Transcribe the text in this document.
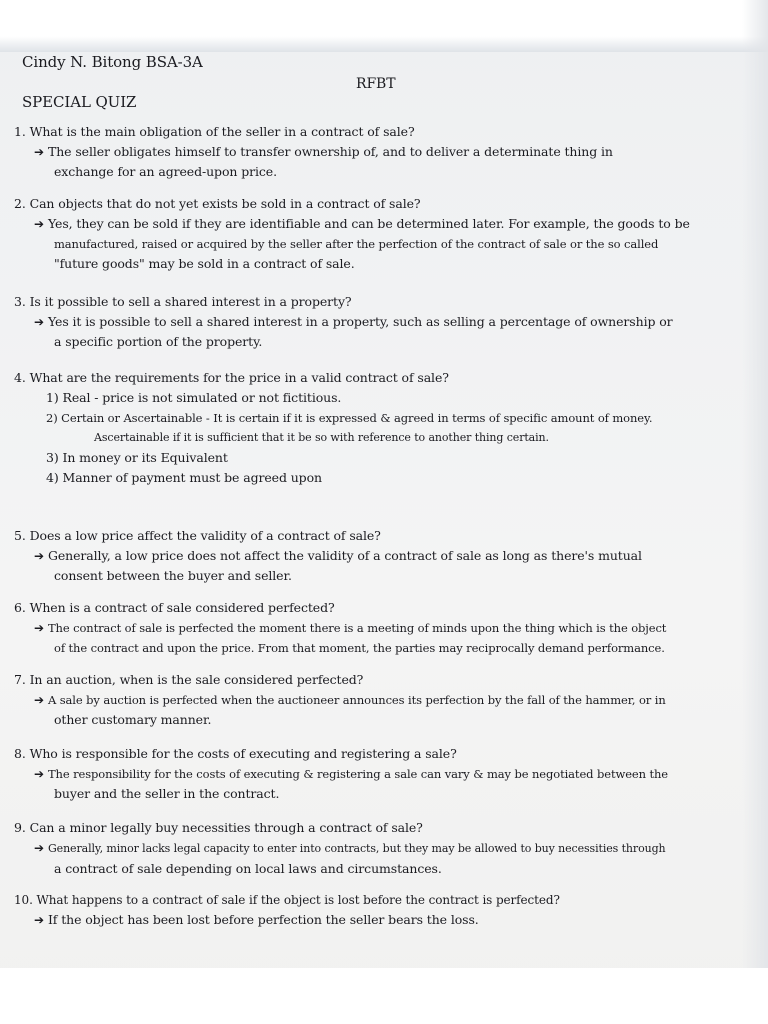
Cindy N. Bitong BSA-3A
RFBT
SPECIAL QUIZ
1. What is the main obligation of the seller in a contract of sale?
➔ The seller obligates himself to transfer ownership of, and to deliver a determinate thing in
exchange for an agreed-upon price.
2. Can objects that do not yet exists be sold in a contract of sale?
➔ Yes, they can be sold if they are identifiable and can be determined later. For example, the goods to be
manufactured, raised or acquired by the seller after the perfection of the contract of sale or the so called
"future goods" may be sold in a contract of sale.
3. Is it possible to sell a shared interest in a property?
➔ Yes it is possible to sell a shared interest in a property, such as selling a percentage of ownership or
a specific portion of the property.
4. What are the requirements for the price in a valid contract of sale?
1) Real - price is not simulated or not fictitious.
2) Certain or Ascertainable - It is certain if it is expressed & agreed in terms of specific amount of money.
Ascertainable if it is sufficient that it be so with reference to another thing certain.
3) In money or its Equivalent
4) Manner of payment must be agreed upon
5. Does a low price affect the validity of a contract of sale?
➔ Generally, a low price does not affect the validity of a contract of sale as long as there's mutual
consent between the buyer and seller.
6. When is a contract of sale considered perfected?
➔ The contract of sale is perfected the moment there is a meeting of minds upon the thing which is the object
of the contract and upon the price. From that moment, the parties may reciprocally demand performance.
7. In an auction, when is the sale considered perfected?
➔ A sale by auction is perfected when the auctioneer announces its perfection by the fall of the hammer, or in
other customary manner.
8. Who is responsible for the costs of executing and registering a sale?
➔ The responsibility for the costs of executing & registering a sale can vary & may be negotiated between the
buyer and the seller in the contract.
9. Can a minor legally buy necessities through a contract of sale?
➔ Generally, minor lacks legal capacity to enter into contracts, but they may be allowed to buy necessities through
a contract of sale depending on local laws and circumstances.
10. What happens to a contract of sale if the object is lost before the contract is perfected?
➔ If the object has been lost before perfection the seller bears the loss.
